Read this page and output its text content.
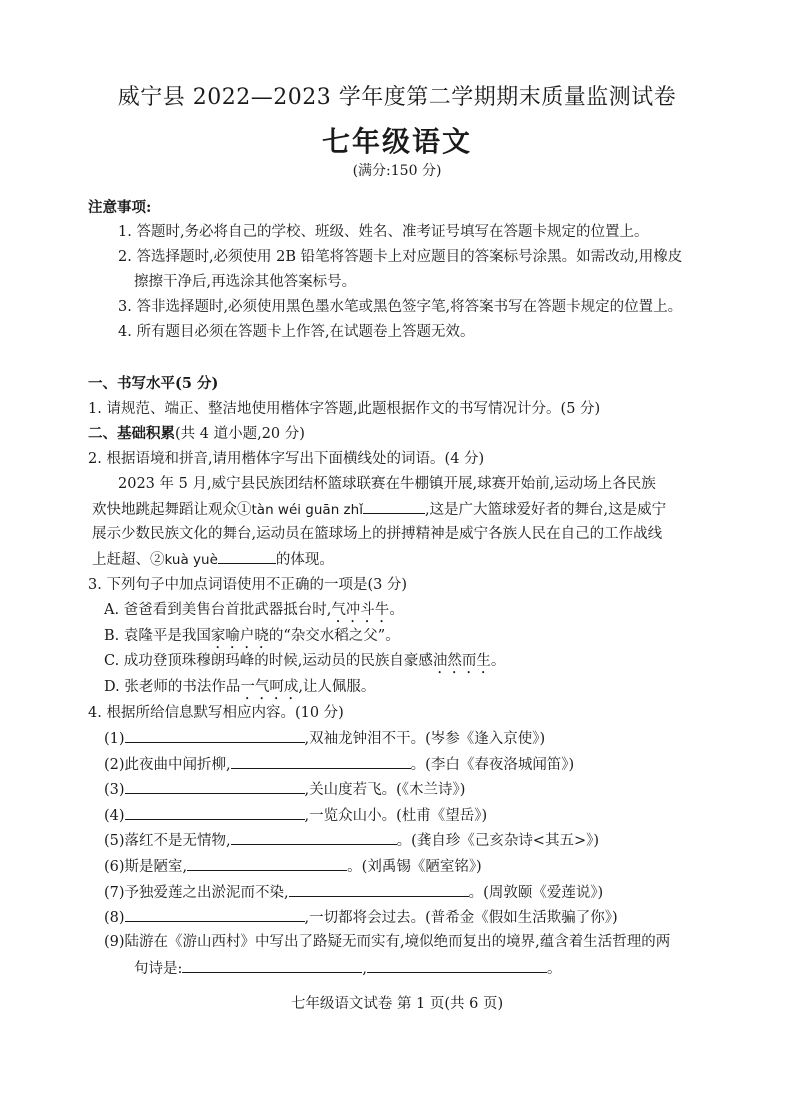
威宁县 2022—2023 学年度第二学期期末质量监测试卷
七年级语文
(满分:150 分)
注意事项:
1. 答题时,务必将自己的学校、班级、姓名、准考证号填写在答题卡规定的位置上。
2. 答选择题时,必须使用 2B 铅笔将答题卡上对应题目的答案标号涂黑。如需改动,用橡皮
擦擦干净后,再选涂其他答案标号。
3. 答非选择题时,必须使用黑色墨水笔或黑色签字笔,将答案书写在答题卡规定的位置上。
4. 所有题目必须在答题卡上作答,在试题卷上答题无效。
一、书写水平(5 分)
1. 请规范、端正、整洁地使用楷体字答题,此题根据作文的书写情况计分。(5 分)
二、基础积累(共 4 道小题,20 分)
2. 根据语境和拼音,请用楷体字写出下面横线处的词语。(4 分)
2023 年 5 月,威宁县民族团结杯篮球联赛在牛棚镇开展,球赛开始前,运动场上各民族
欢快地跳起舞蹈让观众①tàn wéi guān zhǐ	,这是广大篮球爱好者的舞台,这是威宁
展示少数民族文化的舞台,运动员在篮球场上的拼搏精神是威宁各族人民在自己的工作战线
上赶超、②kuà yuè	的体现。
3. 下列句子中加点词语使用不正确的一项是(3 分)
A. 爸爸看到美售台首批武器抵台时,气冲斗牛。
B. 袁隆平是我国家喻户晓的“杂交水稻之父”。
C. 成功登顶珠穆朗玛峰的时候,运动员的民族自豪感油然而生。
D. 张老师的书法作品一气呵成,让人佩服。
4. 根据所给信息默写相应内容。(10 分)
(1)	,双袖龙钟泪不干。(岑参《逢入京使》)
(2)此夜曲中闻折柳,	。(李白《春夜洛城闻笛》)
(3)	,关山度若飞。(《木兰诗》)
(4)	,一览众山小。(杜甫《望岳》)
(5)落红不是无情物,	。(龚自珍《己亥杂诗<其五>》)
(6)斯是陋室,	。(刘禹锡《陋室铭》)
(7)予独爱莲之出淤泥而不染,	。(周敦颐《爱莲说》)
(8)	,一切都将会过去。(普希金《假如生活欺骗了你》)
(9)陆游在《游山西村》中写出了路疑无而实有,境似绝而复出的境界,蕴含着生活哲理的两
句诗是:	,	。
七年级语文试卷 第 1 页(共 6 页)
